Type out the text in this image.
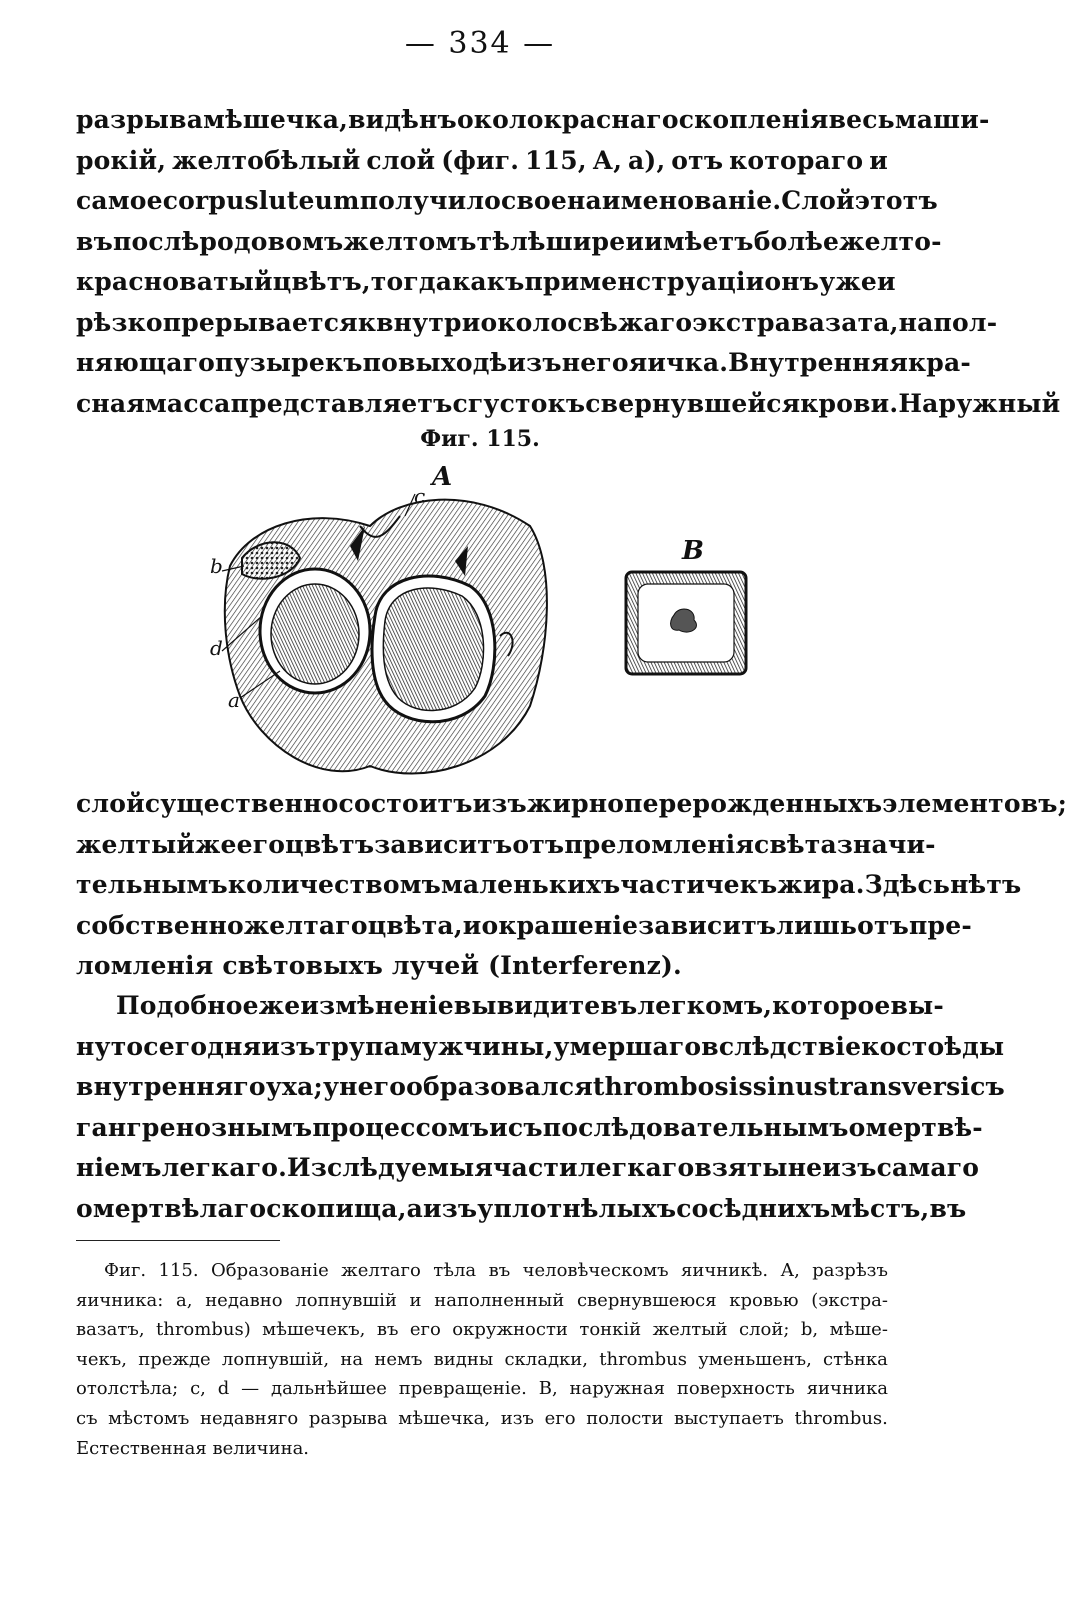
— 334 —
разрыва мѣшечка, видѣнъ около краснаго скопленія весьма ши-
рокій, желтобѣлый слой (фиг. 115, А, а), отъ котораго и
самое corpus luteum получило свое наименованіе. Слой этотъ
въ послѣродовомъ желтомъ тѣлѣ шире и имѣетъ болѣе желто-
красноватый цвѣтъ, тогда какъ при менструаціи онъ уже и
рѣзко прерывается квнутри около свѣжаго экстравазата, напол-
няющаго пузырекъ по выходѣ изъ него яичка. Внутренняя кра-
сная масса представляетъ сгустокъ свернувшейся крови. Наружный
Фиг. 115.
A
c
b
d
a
B
слой существенно состоитъ изъ жирноперерожденныхъ элементовъ;
желтый же его цвѣтъ зависитъ отъ преломленія свѣта значи-
тельнымъ количествомъ маленькихъ частичекъ жира. Здѣсь нѣтъ
собственно желтаго цвѣта, и окрашеніе зависитъ лишь отъ пре-
ломленія свѣтовыхъ лучей (Interferenz).
Подобное же измѣненіе вы видите въ легкомъ, которое вы-
нуто сегодня изъ трупа мужчины, умершаго вслѣдствіе костоѣды
внутренняго уха; у него образовался thrombosis sinus transversi съ
гангренознымъ процессомъ и съ послѣдовательнымъ омертвѣ-
ніемъ легкаго. Изслѣдуемыя части легкаго взяты не изъ самаго
омертвѣлаго скопища, а изъ уплотнѣлыхъ сосѣднихъ мѣстъ, въ
Фиг. 115. Образованіе желтаго тѣла въ человѣческомъ яичникѣ. А, разрѣзъ
яичника: a, недавно лопнувшій и наполненный свернувшеюся кровью (экстра-
вазатъ, thrombus) мѣшечекъ, въ его окружности тонкій желтый слой; b, мѣше-
чекъ, прежде лопнувшій, на немъ видны складки, thrombus уменьшенъ, стѣнка
отолстѣла; c, d — дальнѣйшее превращеніе. B, наружная поверхность яичника
съ мѣстомъ недавняго разрыва мѣшечка, изъ его полости выступаетъ thrombus.
Естественная величина.
